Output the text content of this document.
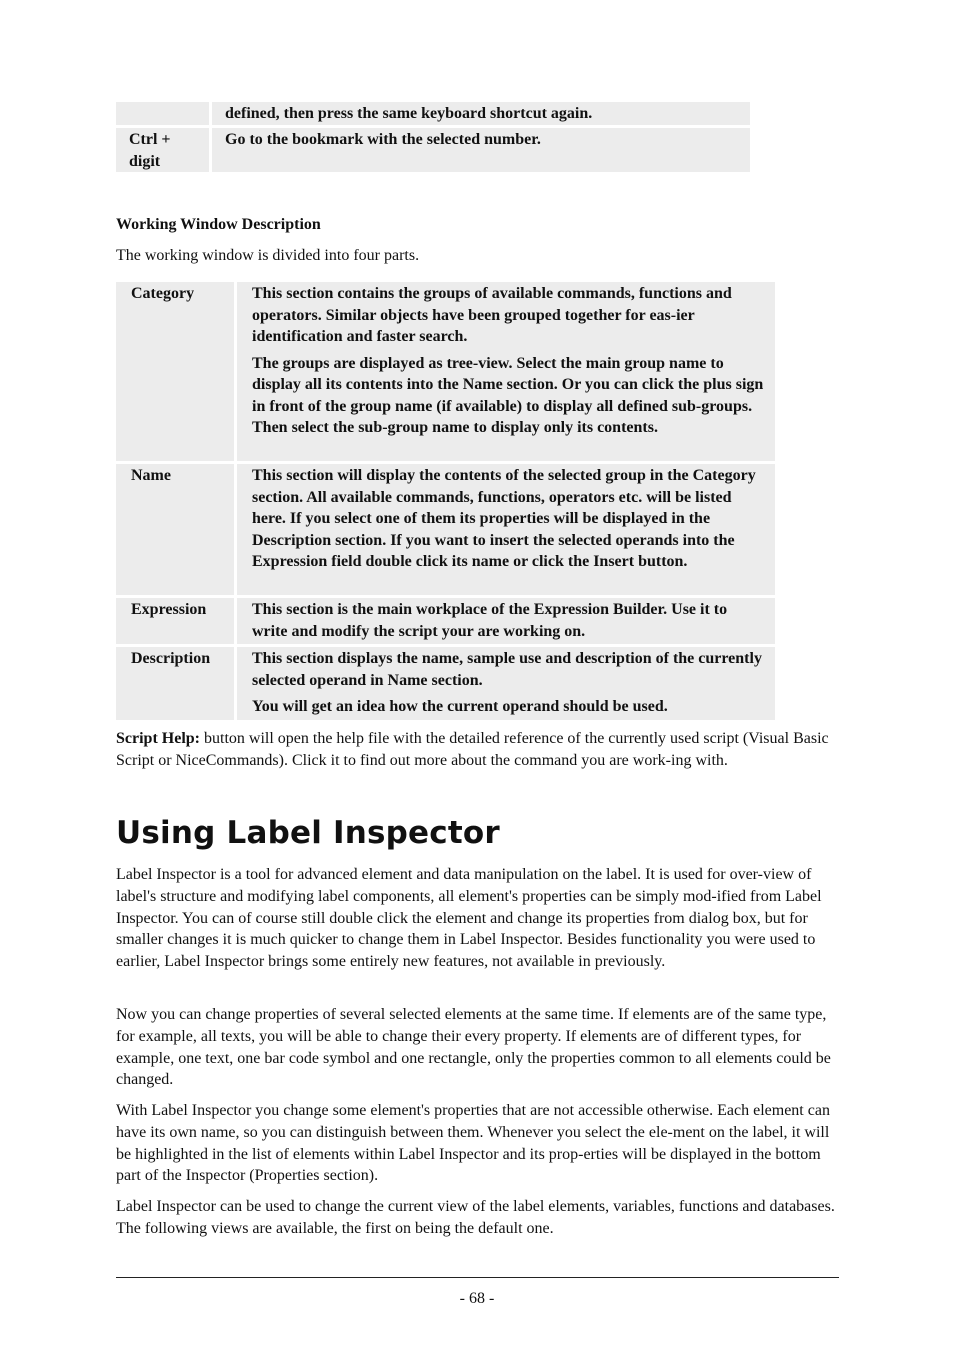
	defined, then press the same keyboard shortcut again.

Ctrl + digit	Go to the bookmark with the selected number.
Working Window Description
The working window is divided into four parts.
Category	This section contains the groups of available commands, functions and operators. Similar objects have been grouped together for eas-ier identification and faster search.

The groups are displayed as tree-view. Select the main group name to display all its contents into the Name section. Or you can click the plus sign in front of the group name (if available) to display all defined sub-groups. Then select the sub-group name to display only its contents.

Name	This section will display the contents of the selected group in the Category section. All available commands, functions, operators etc. will be listed here. If you select one of them its properties will be displayed in the Description section. If you want to insert the selected operands into the Expression field double click its name or click the Insert button.

Expression	This section is the main workplace of the Expression Builder. Use it to write and modify the script your are working on.

Description	This section displays the name, sample use and description of the currently selected operand in Name section.

You will get an idea how the current operand should be used.

Script Help: button will open the help file with the detailed reference of the currently used script (Visual Basic Script or NiceCommands). Click it to find out more about the command you are work-ing with.

Using Label Inspector

Label Inspector is a tool for advanced element and data manipulation on the label. It is used for over-view of label's structure and modifying label components, all element's properties can be simply mod-ified from Label Inspector. You can of course still double click the element and change its properties from dialog box, but for smaller changes it is much quicker to change them in Label Inspector. Besides functionality you were used to earlier, Label Inspector brings some entirely new features, not available in previously.

Now you can change properties of several selected elements at the same time. If elements are of the same type, for example, all texts, you will be able to change their every property. If elements are of different types, for example, one text, one bar code symbol and one rectangle, only the properties common to all elements could be changed.

With Label Inspector you change some element's properties that are not accessible otherwise. Each element can have its own name, so you can distinguish between them. Whenever you select the ele-ment on the label, it will be highlighted in the list of elements within Label Inspector and its prop-erties will be displayed in the bottom part of the Inspector (Properties section).

Label Inspector can be used to change the current view of the label elements, variables, functions and databases. The following views are available, the first on being the default one.

- 68 -
